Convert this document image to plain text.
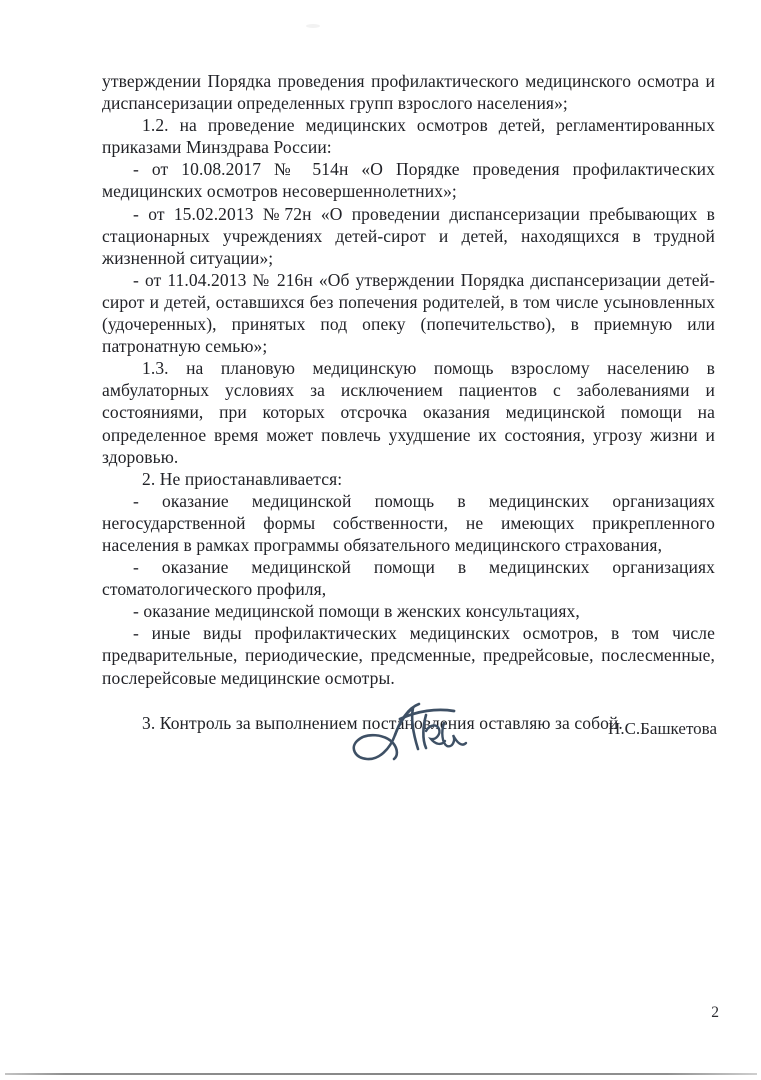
утверждении Порядка проведения профилактического медицинского осмотра и диспансеризации определенных групп взрослого населения»;

1.2. на проведение медицинских осмотров детей, регламентированных приказами Минздрава России:

- от 10.08.2017 № 514н «О Порядке проведения профилактических медицинских осмотров несовершеннолетних»;

- от 15.02.2013 №72н «О проведении диспансеризации пребывающих в стационарных учреждениях детей-сирот и детей, находящихся в трудной жизненной ситуации»;

- от 11.04.2013 № 216н «Об утверждении Порядка диспансеризации детей-сирот и детей, оставшихся без попечения родителей, в том числе усыновленных (удочеренных), принятых под опеку (попечительство), в приемную или патронатную семью»;

1.3. на плановую медицинскую помощь взрослому населению в амбулаторных условиях за исключением пациентов с заболеваниями и состояниями, при которых отсрочка оказания медицинской помощи на определенное время может повлечь ухудшение их состояния, угрозу жизни и здоровью.

2. Не приостанавливается:

- оказание медицинской помощь в медицинских организациях негосударственной формы собственности, не имеющих прикрепленного населения в рамках программы обязательного медицинского страхования,

- оказание медицинской помощи в медицинских организациях стоматологического профиля,

- оказание медицинской помощи в женских консультациях,

- иные виды профилактических медицинских осмотров, в том числе предварительные, периодические, предсменные, предрейсовые, послесменные, послерейсовые медицинские осмотры.

3. Контроль за выполнением постановления оставляю за собой.

Н.С.Башкетова
2
